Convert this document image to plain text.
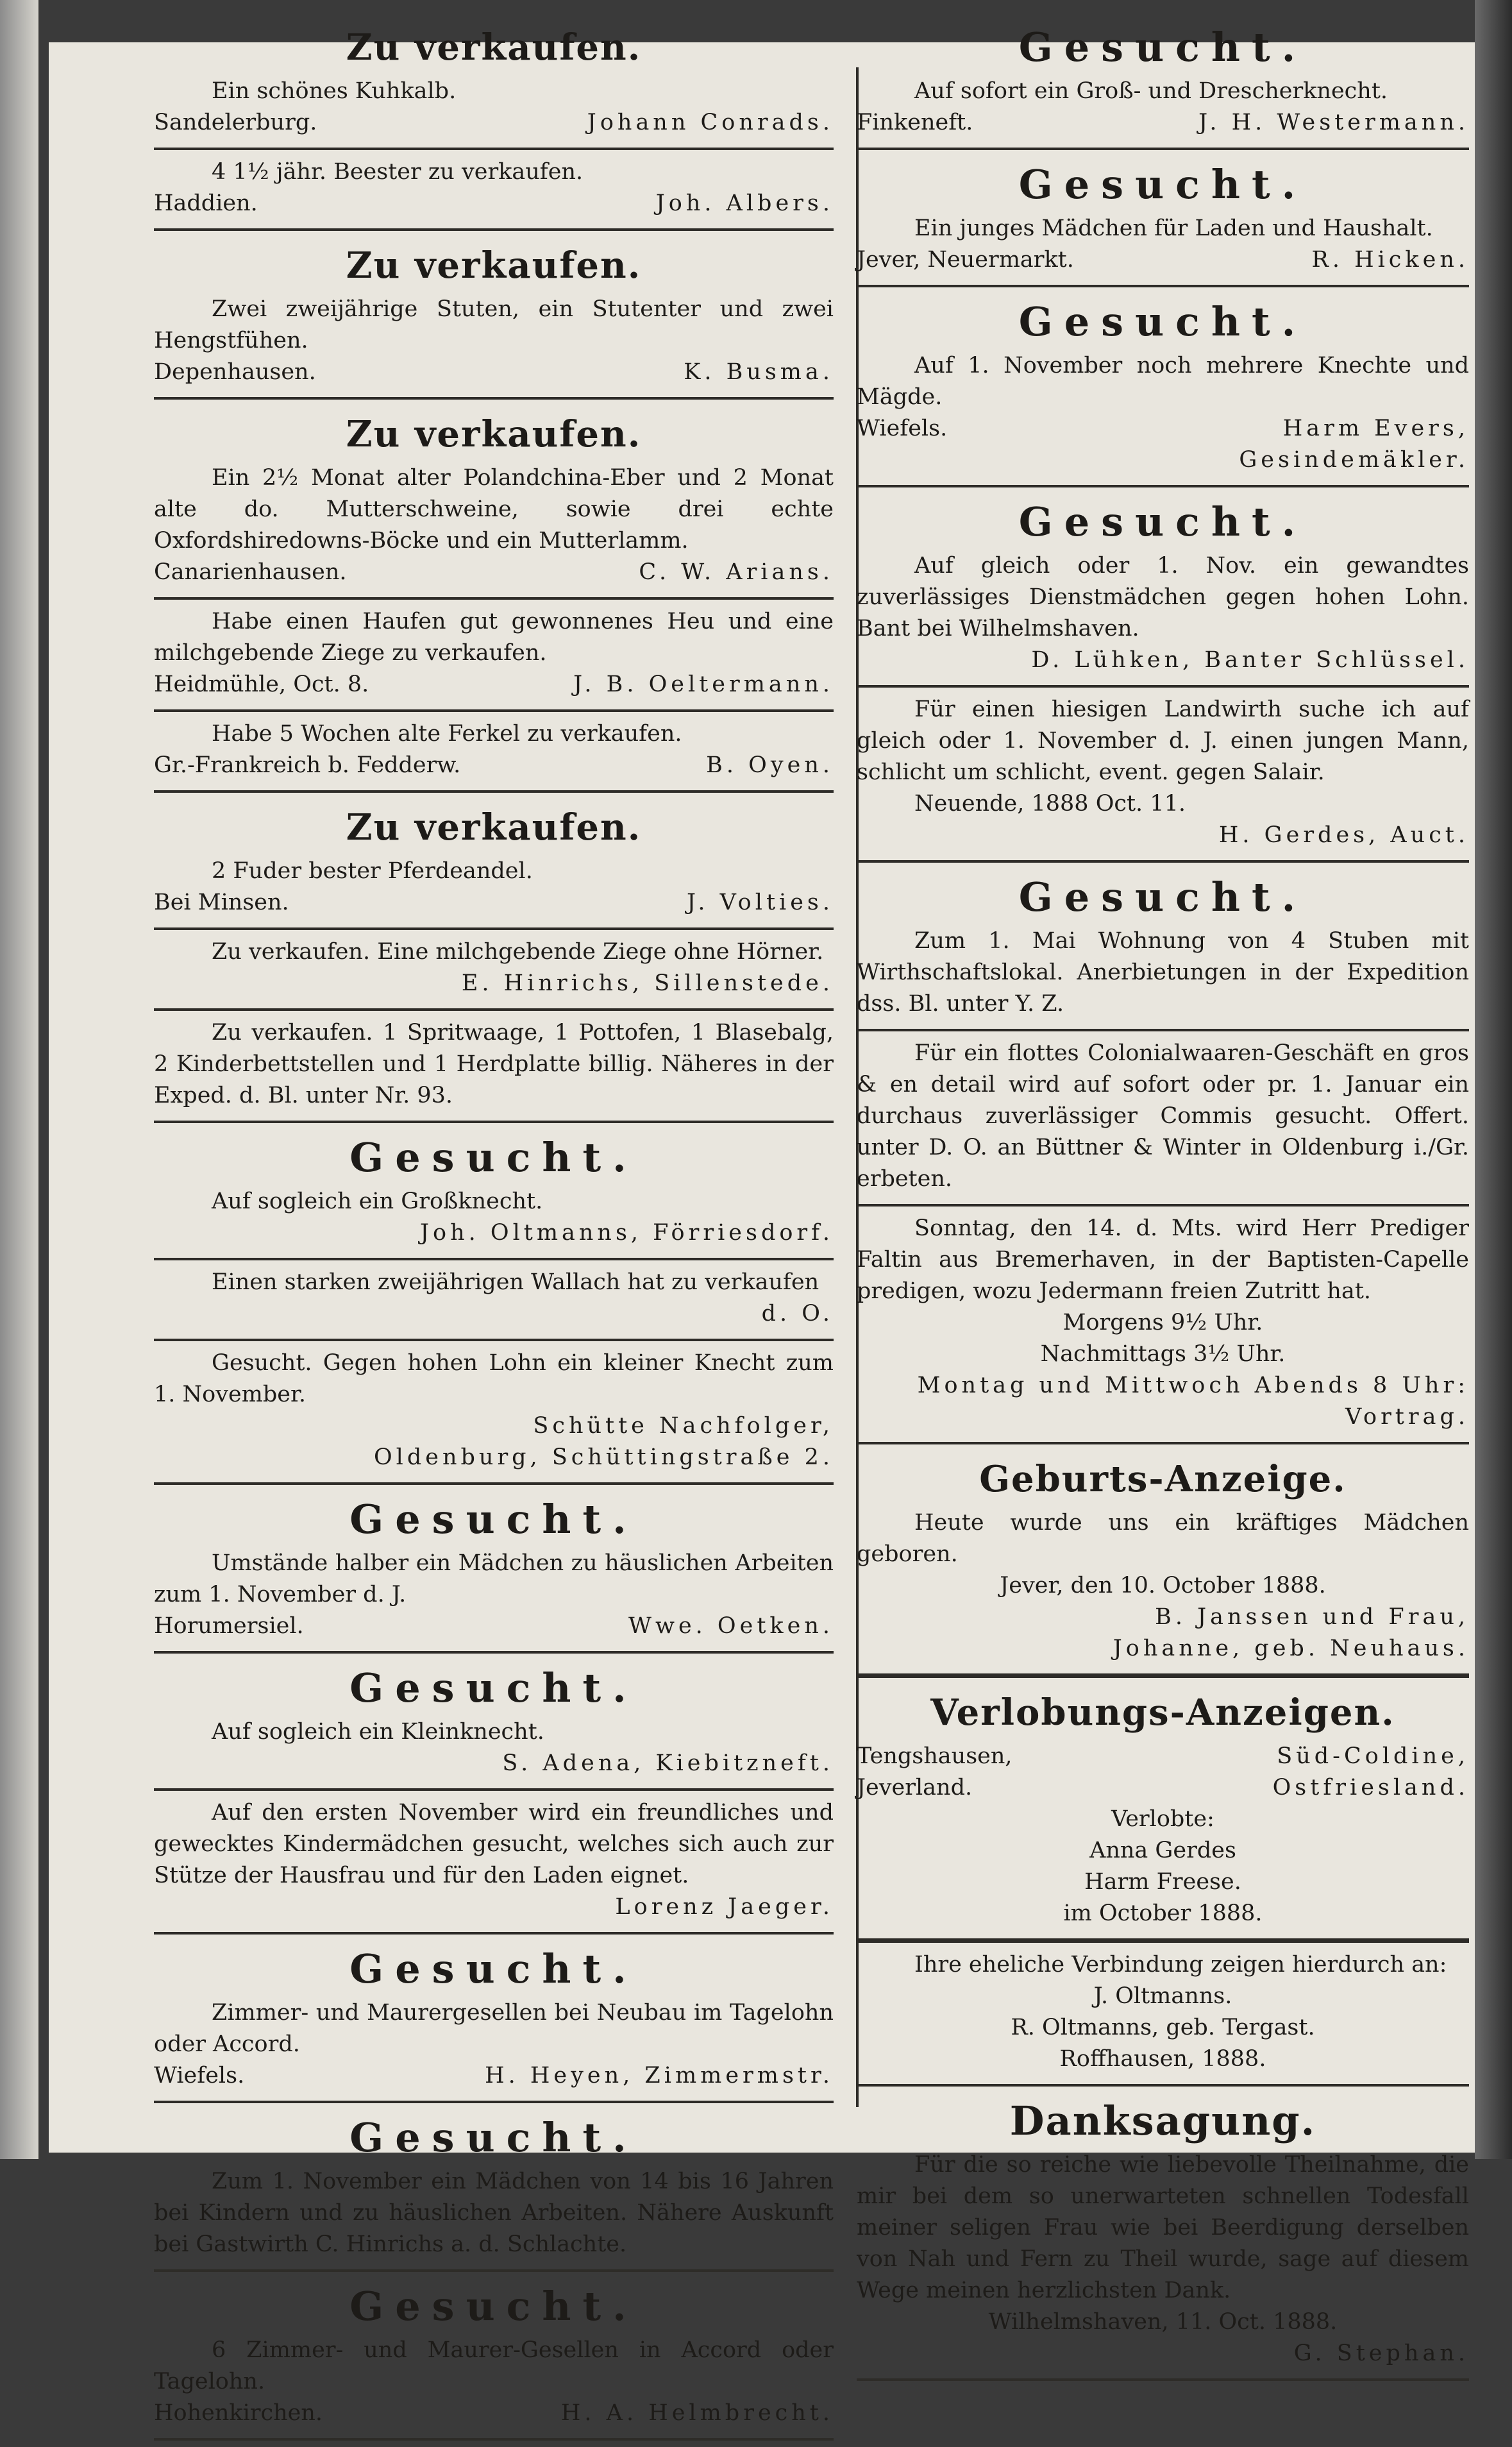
Zu verkaufen.

Ein schönes Kuhkalb.

Sandelerburg.	Johann Conrads.

4 1½ jähr. Beester zu verkaufen.

Haddien.	Joh. Albers.
Zu verkaufen.

Zwei zweijährige Stuten, ein Stutenter und zwei Hengstfühen.

Depenhausen.	K. Busma.
Zu verkaufen.

Ein 2½ Monat alter Polandchina-Eber und 2 Monat alte do. Mutterschweine, sowie drei echte Oxfordshiredowns-Böcke und ein Mutterlamm.

Canarienhausen.	C. W. Arians.

Habe einen Haufen gut gewonnenes Heu und eine milchgebende Ziege zu verkaufen.

Heidmühle, Oct. 8.	J. B. Oeltermann.

Habe 5 Wochen alte Ferkel zu verkaufen.

Gr.-Frankreich b. Fedderw.	B. Oyen.
Zu verkaufen.

2 Fuder bester Pferdeandel.

Bei Minsen.	J. Volties.

Zu verkaufen. Eine milchgebende Ziege ohne Hörner.

E. Hinrichs, Sillenstede.

Zu verkaufen. 1 Spritwaage, 1 Pottofen, 1 Blasebalg, 2 Kinderbettstellen und 1 Herdplatte billig. Näheres in der Exped. d. Bl. unter Nr. 93.

Gesucht.

Auf sogleich ein Großknecht.

Joh. Oltmanns, Förriesdorf.

Einen starken zweijährigen Wallach hat zu verkaufen

d. O.

Gesucht. Gegen hohen Lohn ein kleiner Knecht zum 1. November.

Schütte Nachfolger,
Oldenburg, Schüttingstraße 2.
Gesucht.

Umstände halber ein Mädchen zu häuslichen Arbeiten zum 1. November d. J.

Horumersiel.	Wwe. Oetken.
Gesucht.

Auf sogleich ein Kleinknecht.

S. Adena, Kiebitzneft.

Auf den ersten November wird ein freundliches und gewecktes Kindermädchen gesucht, welches sich auch zur Stütze der Hausfrau und für den Laden eignet.

Lorenz Jaeger.
Gesucht.

Zimmer- und Maurergesellen bei Neubau im Tagelohn oder Accord.

Wiefels.	H. Heyen, Zimmermstr.
Gesucht.

Zum 1. November ein Mädchen von 14 bis 16 Jahren bei Kindern und zu häuslichen Arbeiten. Nähere Auskunft bei Gastwirth C. Hinrichs a. d. Schlachte.

Gesucht.

6 Zimmer- und Maurer-Gesellen in Accord oder Tagelohn.

Hohenkirchen.	H. A. Helmbrecht.
Gesucht.

Auf sofort ein Groß- und Drescherknecht.

Finkeneft.	J. H. Westermann.
Gesucht.

Ein junges Mädchen für Laden und Haushalt.

Jever, Neuermarkt.	R. Hicken.
Gesucht.

Auf 1. November noch mehrere Knechte und Mägde.

Wiefels.	Harm Evers,
Gesindemäkler.
Gesucht.

Auf gleich oder 1. Nov. ein gewandtes zuverlässiges Dienstmädchen gegen hohen Lohn. Bant bei Wilhelmshaven.

D. Lühken, Banter Schlüssel.

Für einen hiesigen Landwirth suche ich auf gleich oder 1. November d. J. einen jungen Mann, schlicht um schlicht, event. gegen Salair.

Neuende, 1888 Oct. 11.

H. Gerdes, Auct.
Gesucht.

Zum 1. Mai Wohnung von 4 Stuben mit Wirthschaftslokal. Anerbietungen in der Expedition dss. Bl. unter Y. Z.

Für ein flottes Colonialwaaren-Geschäft en gros & en detail wird auf sofort oder pr. 1. Januar ein durchaus zuverlässiger Commis gesucht. Offert. unter D. O. an Büttner & Winter in Oldenburg i./Gr. erbeten.

Sonntag, den 14. d. Mts. wird Herr Prediger Faltin aus Bremerhaven, in der Baptisten-Capelle predigen, wozu Jedermann freien Zutritt hat.

Morgens 9½ Uhr.
Nachmittags 3½ Uhr.
Montag und Mittwoch Abends 8 Uhr: Vortrag.
Geburts-Anzeige.

Heute wurde uns ein kräftiges Mädchen geboren.

Jever, den 10. October 1888.
B. Janssen und Frau,
Johanne, geb. Neuhaus.
Verlobungs-Anzeigen.
Tengshausen,	Süd-Coldine,
Jeverland.	Ostfriesland.
Verlobte:
Anna Gerdes
Harm Freese.
im October 1888.

Ihre eheliche Verbindung zeigen hierdurch an:

J. Oltmanns.
R. Oltmanns, geb. Tergast.
Roffhausen, 1888.
Danksagung.

Für die so reiche wie liebevolle Theilnahme, die mir bei dem so unerwarteten schnellen Todesfall meiner seligen Frau wie bei Beerdigung derselben von Nah und Fern zu Theil wurde, sage auf diesem Wege meinen herzlichsten Dank.

Wilhelmshaven, 11. Oct. 1888.
G. Stephan.
